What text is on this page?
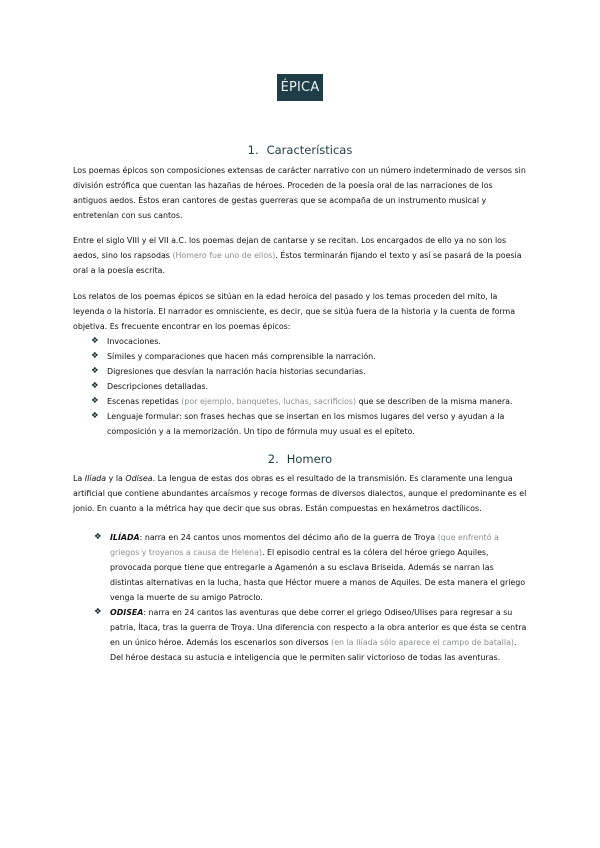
ÉPICA
1. Características

Los poemas épicos son composiciones extensas de carácter narrativo con un número indeterminado de versos sin división estrófica que cuentan las hazañas de héroes. Proceden de la poesía oral de las narraciones de los antiguos aedos. Éstos eran cantores de gestas guerreras que se acompaña de un instrumento musical y entretenían con sus cantos.

Entre el siglo VIII y el VII a.C. los poemas dejan de cantarse y se recitan. Los encargados de ello ya no son los aedos, sino los rapsodas (Homero fue uno de ellos). Éstos terminarán fijando el texto y así se pasará de la poesía oral a la poesía escrita.

Los relatos de los poemas épicos se sitúan en la edad heroica del pasado y los temas proceden del mito, la leyenda o la historia. El narrador es omnisciente, es decir, que se sitúa fuera de la historia y la cuenta de forma objetiva. Es frecuente encontrar en los poemas épicos:

❖ Invocaciones.
❖ Símiles y comparaciones que hacen más comprensible la narración.
❖ Digresiones que desvían la narración hacia historias secundarias.
❖ Descripciones detalladas.
❖ Escenas repetidas (por ejemplo, banquetes, luchas, sacrificios) que se describen de la misma manera.
❖ Lenguaje formular: son frases hechas que se insertan en los mismos lugares del verso y ayudan a la composición y a la memorización. Un tipo de fórmula muy usual es el epíteto.
2. Homero

La Ilíada y la Odisea. La lengua de estas dos obras es el resultado de la transmisión. Es claramente una lengua artificial que contiene abundantes arcaísmos y recoge formas de diversos dialectos, aunque el predominante es el jonio. En cuanto a la métrica hay que decir que sus obras. Están compuestas en hexámetros dactílicos.

❖ ILÍADA: narra en 24 cantos unos momentos del décimo año de la guerra de Troya (que enfrentó a griegos y troyanos a causa de Helena). El episodio central es la cólera del héroe griego Aquiles, provocada porque tiene que entregarle a Agamenón a su esclava Briseida. Además se narran las distintas alternativas en la lucha, hasta que Héctor muere a manos de Aquiles. De esta manera el griego venga la muerte de su amigo Patroclo.
❖ ODISEA: narra en 24 cantos las aventuras que debe correr el griego Odiseo/Ulises para regresar a su patria, Ítaca, tras la guerra de Troya. Una diferencia con respecto a la obra anterior es que ésta se centra en un único héroe. Además los escenarios son diversos (en la Ilíada sólo aparece el campo de batalla). Del héroe destaca su astucia e inteligencia que le permiten salir victorioso de todas las aventuras.
